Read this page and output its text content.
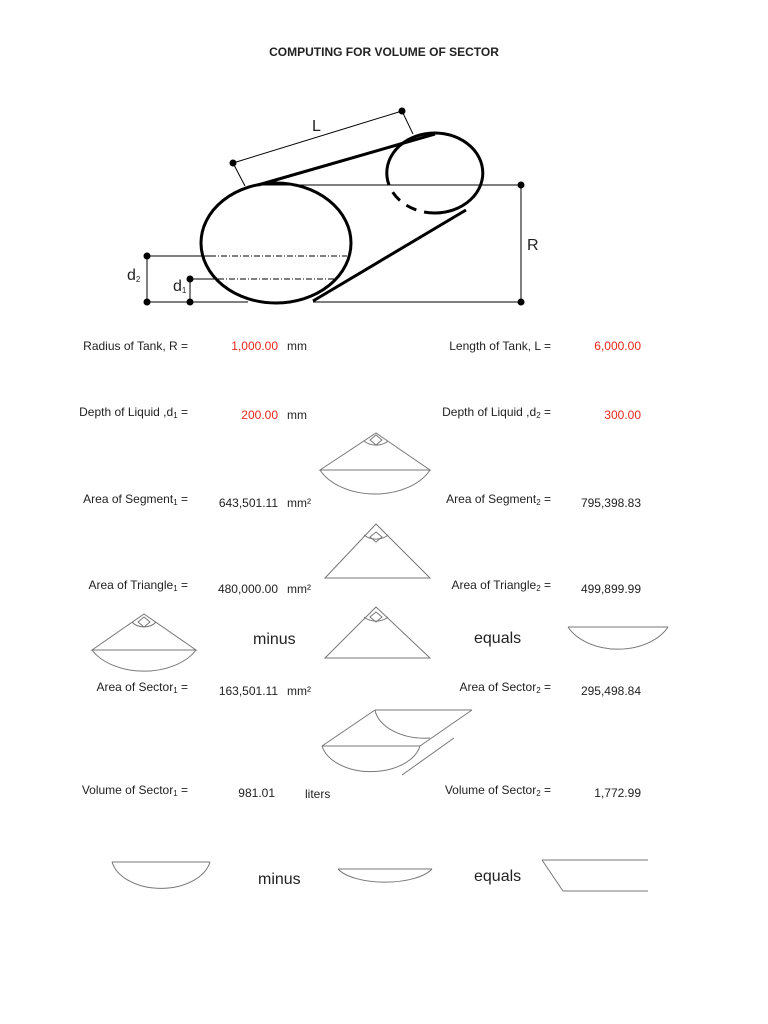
COMPUTING FOR VOLUME OF SECTOR
L
R
$d_2$ $d_1$
Radius of Tank, R =	1,000.00 mm	Length of Tank, L =	6,000.00
Depth of Liquid $,d_1$ =	200.00 mm	Depth of Liquid $,d_2$ =	300.00
Area of Segment$_1$ =	643,501.11 mm²	Area of Segment$_2$ = 795,398.83
Area of Triangle$_1$ = 480,000.00 mm²	Area of Triangle$_2$ = 499,899.99
minus	equals
Area of Sector$_1$ =	163,501.11 mm²	Area of Sector$_2$ = 295,498.84
Volume of Sector$_1$ =	981.01	liters	Volume of Sector$_2$ =	1,772.99
minus	equals
